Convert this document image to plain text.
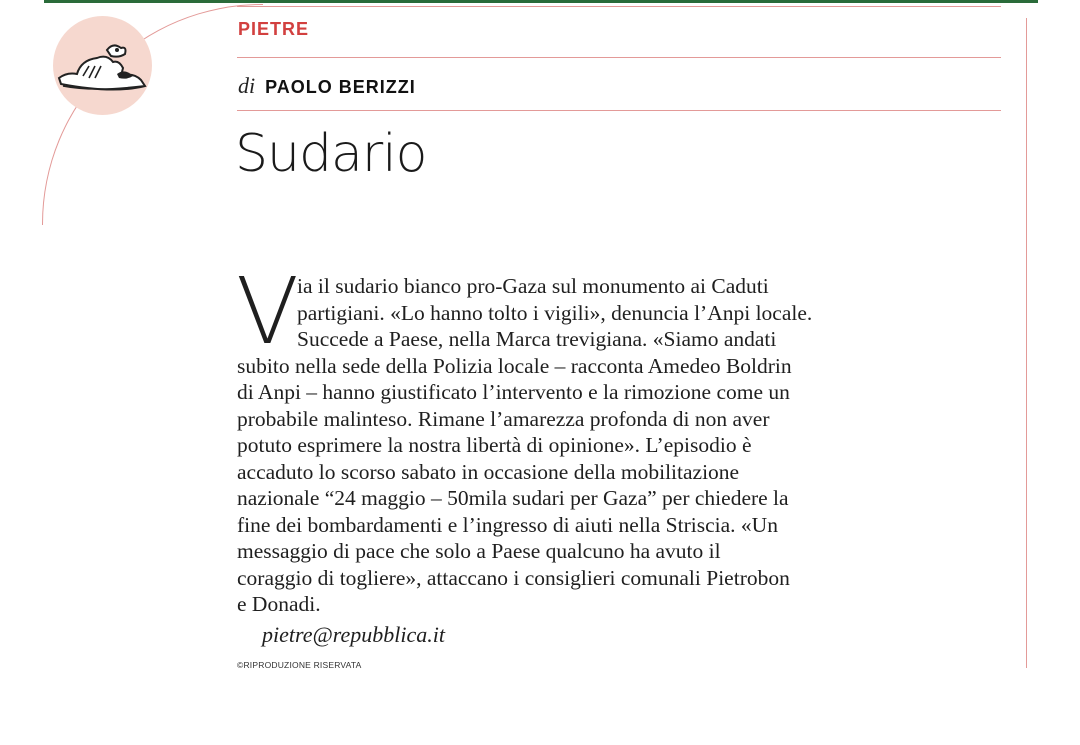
PIETRE
di PAOLO BERIZZI
Sudario
V
ia il sudario bianco pro-Gaza sul monumento ai Caduti
partigiani. «Lo hanno tolto i vigili», denuncia l’Anpi locale.
Succede a Paese, nella Marca trevigiana. «Siamo andati
subito nella sede della Polizia locale – racconta Amedeo Boldrin
di Anpi – hanno giustificato l’intervento e la rimozione come un
probabile malinteso. Rimane l’amarezza profonda di non aver
potuto esprimere la nostra libertà di opinione». L’episodio è
accaduto lo scorso sabato in occasione della mobilitazione
nazionale “24 maggio – 50mila sudari per Gaza” per chiedere la
fine dei bombardamenti e l’ingresso di aiuti nella Striscia. «Un
messaggio di pace che solo a Paese qualcuno ha avuto il
coraggio di togliere», attaccano i consiglieri comunali Pietrobon
e Donadi.
pietre@repubblica.it
©RIPRODUZIONE RISERVATA
